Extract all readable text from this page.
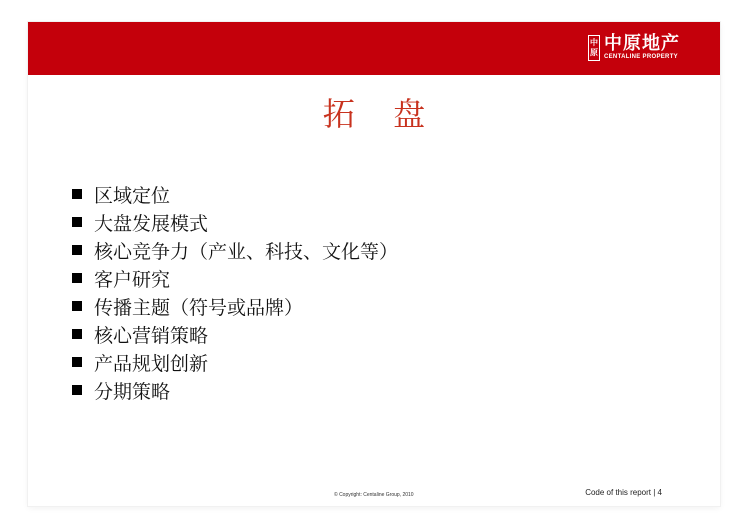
中
原 中原地产
CENTALINE PROPERTY
拓 盘
区域定位
大盘发展模式
核心竞争力（产业、科技、文化等）
客户研究
传播主题（符号或品牌）
核心营销策略
产品规划创新
分期策略
© Copyright: Centaline Group, 2010	Code of this report | 4
